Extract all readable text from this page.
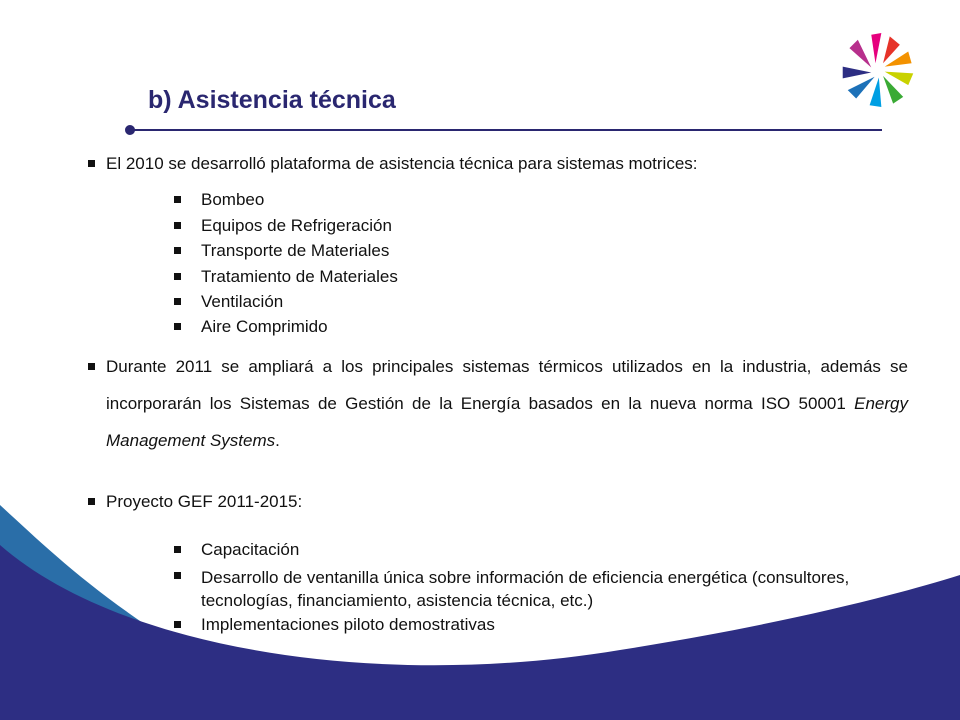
b) Asistencia técnica
El 2010 se desarrolló plataforma de asistencia técnica para sistemas motrices:
Bombeo
Equipos de Refrigeración
Transporte de Materiales
Tratamiento de Materiales
Ventilación
Aire Comprimido
Durante 2011 se ampliará a los principales sistemas térmicos utilizados en la industria, además se incorporarán los Sistemas de Gestión de la Energía basados en la nueva norma ISO 50001 Energy Management Systems.
Proyecto GEF 2011-2015:
Capacitación
Desarrollo de ventanilla única sobre información de eficiencia energética (consultores, tecnologías, financiamiento, asistencia técnica, etc.)
Implementaciones piloto demostrativas
